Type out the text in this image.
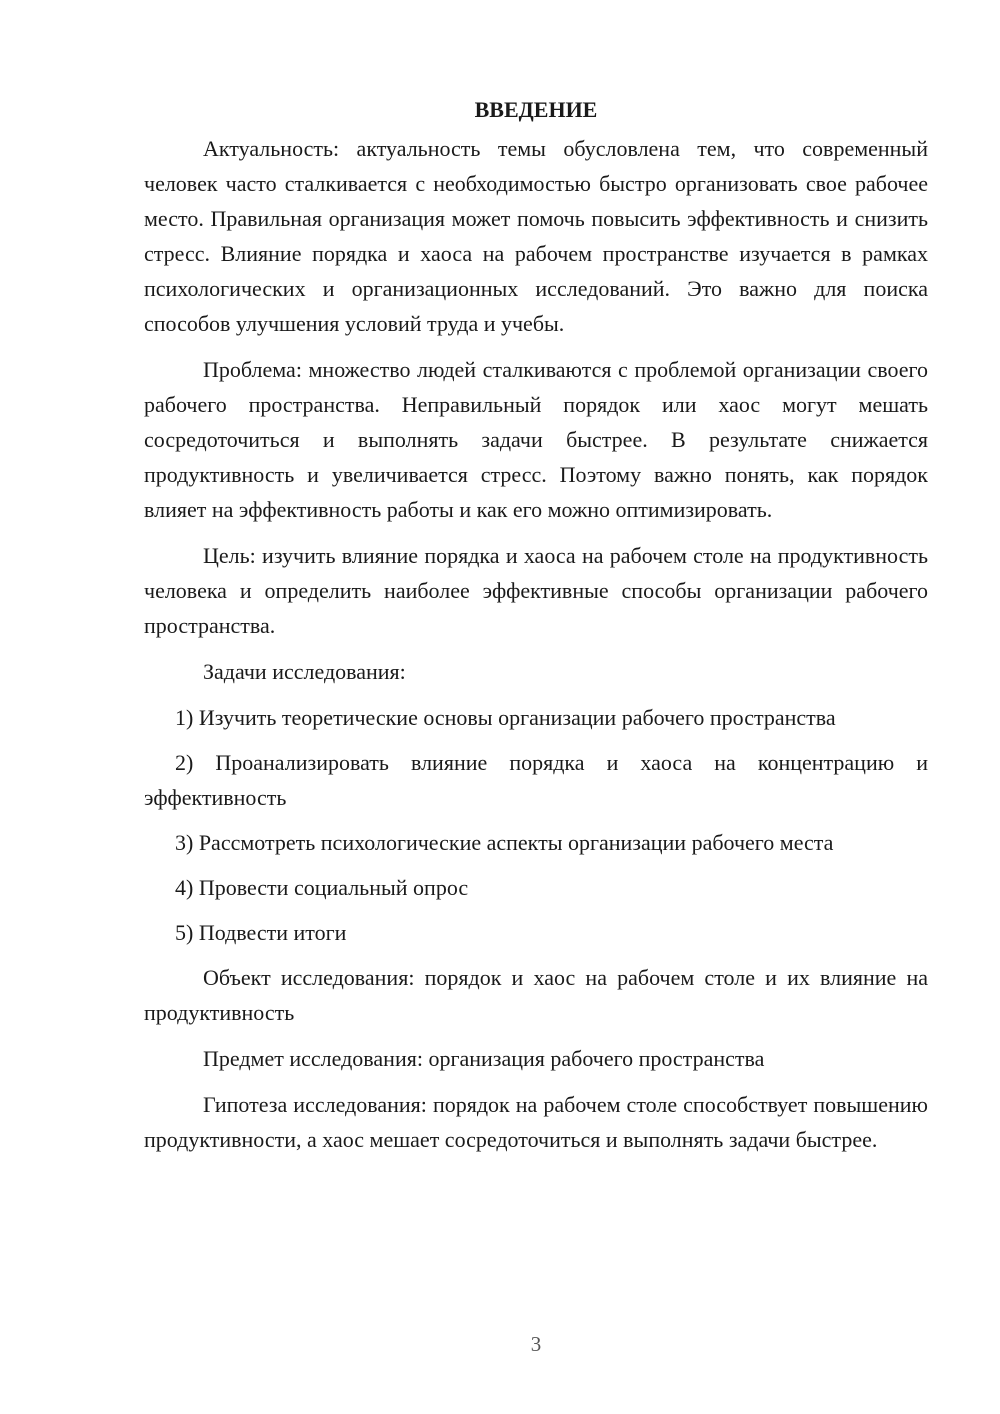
ВВЕДЕНИЕ

Актуальность: актуальность темы обусловлена тем, что современный человек часто сталкивается с необходимостью быстро организовать свое рабочее место. Правильная организация может помочь повысить эффективность и снизить стресс. Влияние порядка и хаоса на рабочем пространстве изучается в рамках психологических и организационных исследований. Это важно для поиска способов улучшения условий труда и учебы.

Проблема: множество людей сталкиваются с проблемой организации своего рабочего пространства. Неправильный порядок или хаос могут мешать сосредоточиться и выполнять задачи быстрее. В результате снижается продуктивность и увеличивается стресс. Поэтому важно понять, как порядок влияет на эффективность работы и как его можно оптимизировать.

Цель: изучить влияние порядка и хаоса на рабочем столе на продуктивность человека и определить наиболее эффективные способы организации рабочего пространства.

Задачи исследования:

1) Изучить теоретические основы организации рабочего пространства

2) Проанализировать влияние порядка и хаоса на концентрацию и эффективность

3) Рассмотреть психологические аспекты организации рабочего места

4) Провести социальный опрос

5) Подвести итоги

Объект исследования: порядок и хаос на рабочем столе и их влияние на продуктивность

Предмет исследования: организация рабочего пространства

Гипотеза исследования: порядок на рабочем столе способствует повышению продуктивности, а хаос мешает сосредоточиться и выполнять задачи быстрее.

3
